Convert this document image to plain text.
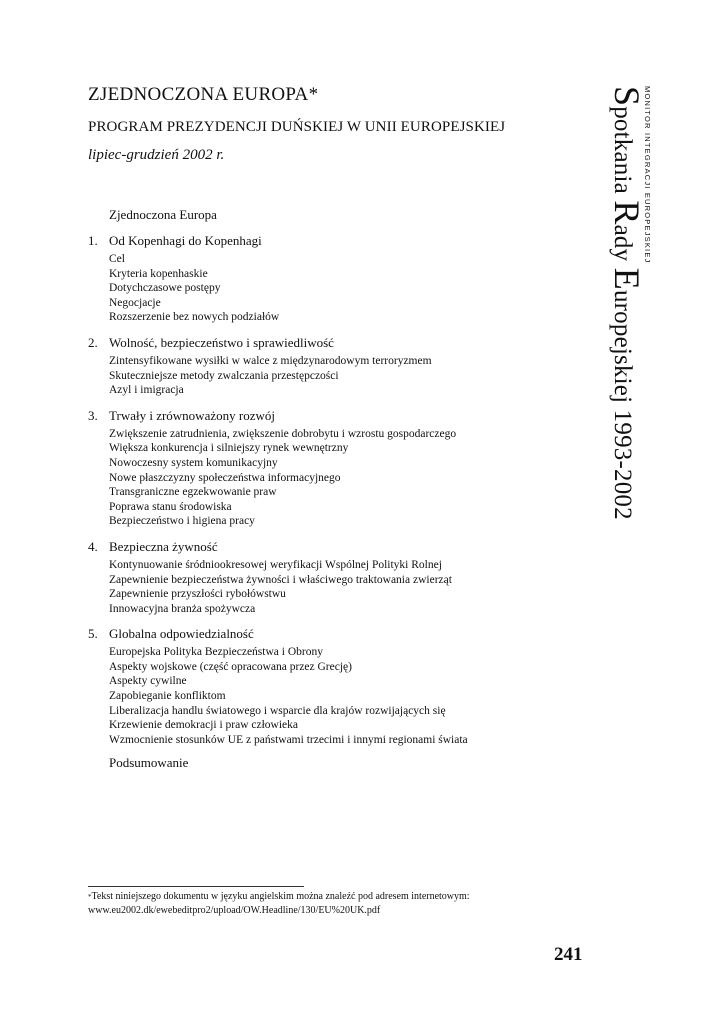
ZJEDNOCZONA EUROPA*
PROGRAM PREZYDENCJI DUŃSKIEJ W UNII EUROPEJSKIEJ
lipiec-grudzień 2002 r.
Zjednoczona Europa
1. Od Kopenhagi do Kopenhagi
Cel
Kryteria kopenhaskie
Dotychczasowe postępy
Negocjacje
Rozszerzenie bez nowych podziałów
2. Wolność, bezpieczeństwo i sprawiedliwość
Zintensyfikowane wysiłki w walce z międzynarodowym terroryzmem
Skuteczniejsze metody zwalczania przestępczości
Azyl i imigracja
3. Trwały i zrównoważony rozwój
Zwiększenie zatrudnienia, zwiększenie dobrobytu i wzrostu gospodarczego
Większa konkurencja i silniejszy rynek wewnętrzny
Nowoczesny system komunikacyjny
Nowe płaszczyzny społeczeństwa informacyjnego
Transgraniczne egzekwowanie praw
Poprawa stanu środowiska
Bezpieczeństwo i higiena pracy
4. Bezpieczna żywność
Kontynuowanie śródniookresowej weryfikacji Wspólnej Polityki Rolnej
Zapewnienie bezpieczeństwa żywności i właściwego traktowania zwierząt
Zapewnienie przyszłości rybołówstwu
Innowacyjna branża spożywcza
5. Globalna odpowiedzialność
Europejska Polityka Bezpieczeństwa i Obrony
Aspekty wojskowe (część opracowana przez Grecję)
Aspekty cywilne
Zapobieganie konfliktom
Liberalizacja handlu światowego i wsparcie dla krajów rozwijających się
Krzewienie demokracji i praw człowieka
Wzmocnienie stosunków UE z państwami trzecimi i innymi regionami świata
Podsumowanie
MONITOR INTEGRACJI EUROPEJSKIEJ
Spotkania Rady Europejskiej 1993-2002
*Tekst niniejszego dokumentu w języku angielskim można znaleźć pod adresem internetowym:
www.eu2002.dk/ewebeditpro2/upload/OW.Headline/130/EU%20UK.pdf
241
